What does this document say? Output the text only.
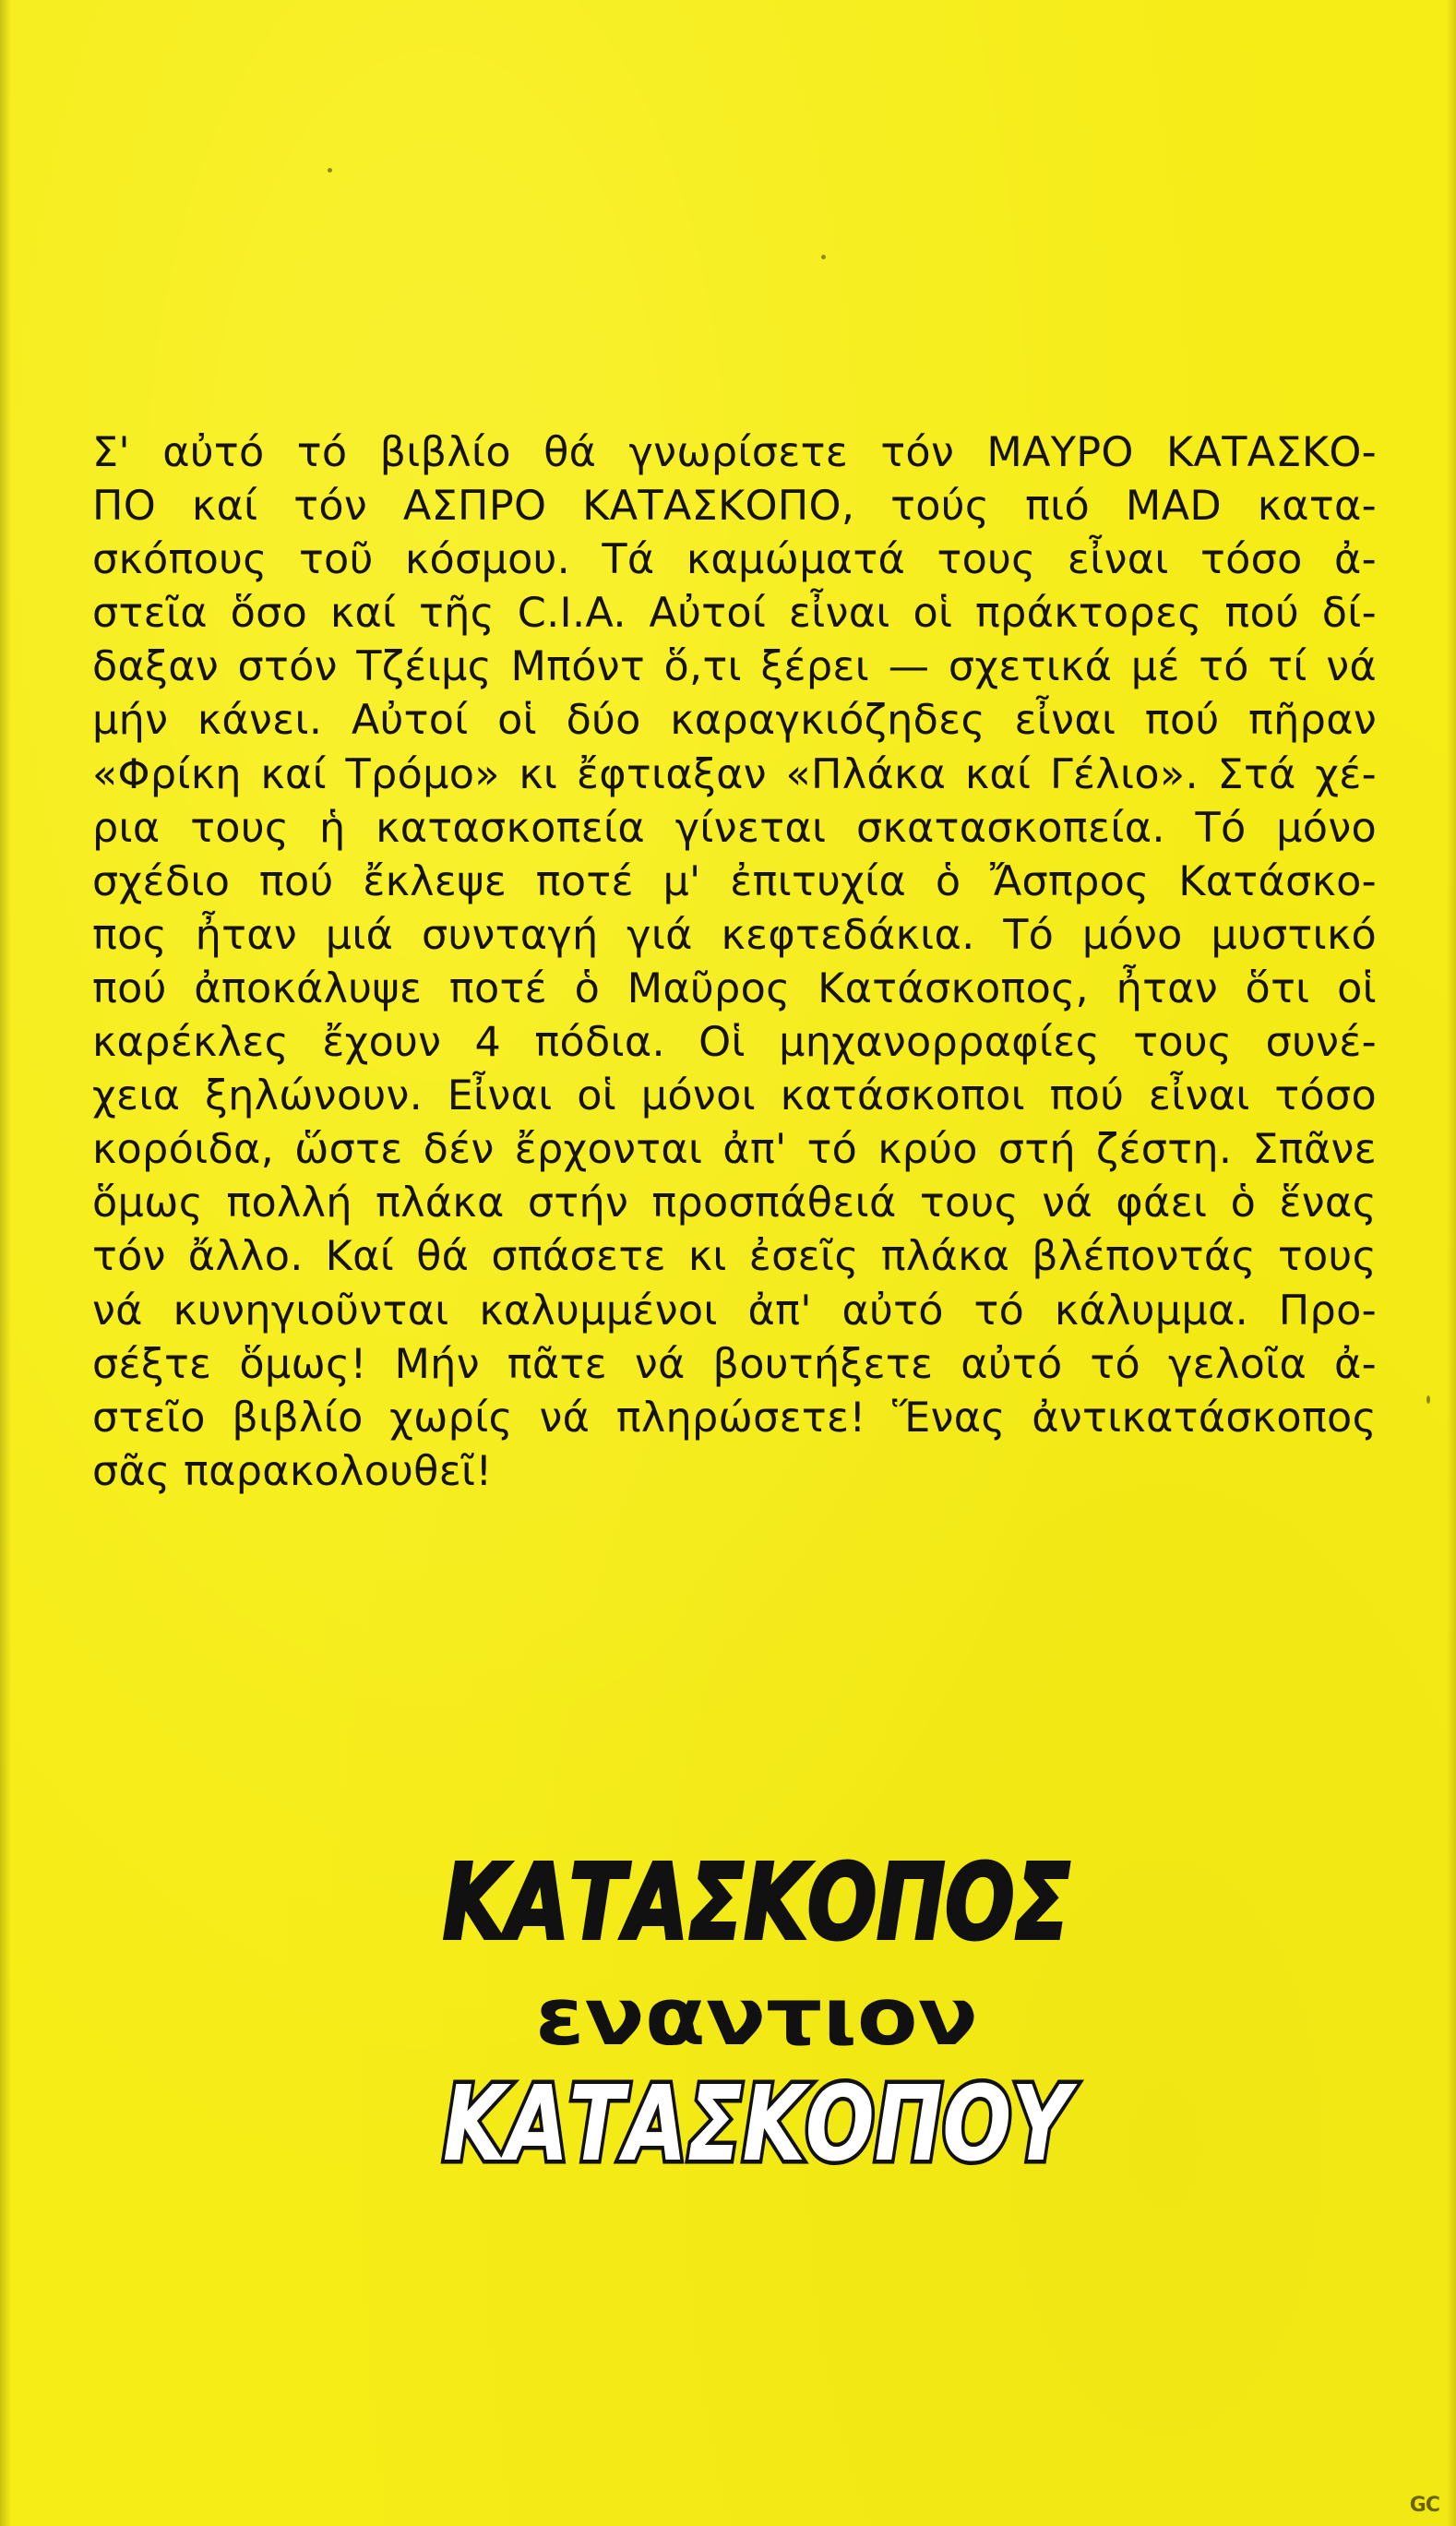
Σ' αὐτό τό βιβλίο θά γνωρίσετε τόν ΜΑΥΡΟ ΚΑΤΑΣΚΟ-
ΠΟ καί τόν ΑΣΠΡΟ ΚΑΤΑΣΚΟΠΟ, τούς πιό MAD κατα-
σκόπους τοῦ κόσμου. Τά καμώματά τους εἶναι τόσο ἀ-
στεῖα ὅσο καί τῆς C.I.A. Αὐτοί εἶναι οἱ πράκτορες πού δί-
δαξαν στόν Τζέιμς Μπόντ ὅ,τι ξέρει — σχετικά μέ τό τί νά
μήν κάνει. Αὐτοί οἱ δύο καραγκιόζηδες εἶναι πού πῆραν
«Φρίκη καί Τρόμο» κι ἔφτιαξαν «Πλάκα καί Γέλιο». Στά χέ-
ρια τους ἡ κατασκοπεία γίνεται σκατασκοπεία. Τό μόνο
σχέδιο πού ἔκλεψε ποτέ μ' ἐπιτυχία ὁ Ἄσπρος Κατάσκο-
πος ἦταν μιά συνταγή γιά κεφτεδάκια. Τό μόνο μυστικό
πού ἀποκάλυψε ποτέ ὁ Μαῦρος Κατάσκοπος, ἦταν ὅτι οἱ
καρέκλες ἔχουν 4 πόδια. Οἱ μηχανορραφίες τους συνέ-
χεια ξηλώνουν. Εἶναι οἱ μόνοι κατάσκοποι πού εἶναι τόσο
κορόιδα, ὥστε δέν ἔρχονται ἀπ' τό κρύο στή ζέστη. Σπᾶνε
ὅμως πολλή πλάκα στήν προσπάθειά τους νά φάει ὁ ἕνας
τόν ἄλλο. Καί θά σπάσετε κι ἐσεῖς πλάκα βλέποντάς τους
νά κυνηγιοῦνται καλυμμένοι ἀπ' αὐτό τό κάλυμμα. Προ-
σέξτε ὅμως! Μήν πᾶτε νά βουτήξετε αὐτό τό γελοῖα ἀ-
στεῖο βιβλίο χωρίς νά πληρώσετε! Ἕνας ἀντικατάσκοπος
σᾶς παρακολουθεῖ!
ΚΑΤΑΣΚΟΠΟΣ
εναντιον
ΚΑΤΑΣΚΟΠΟΥ
GC
